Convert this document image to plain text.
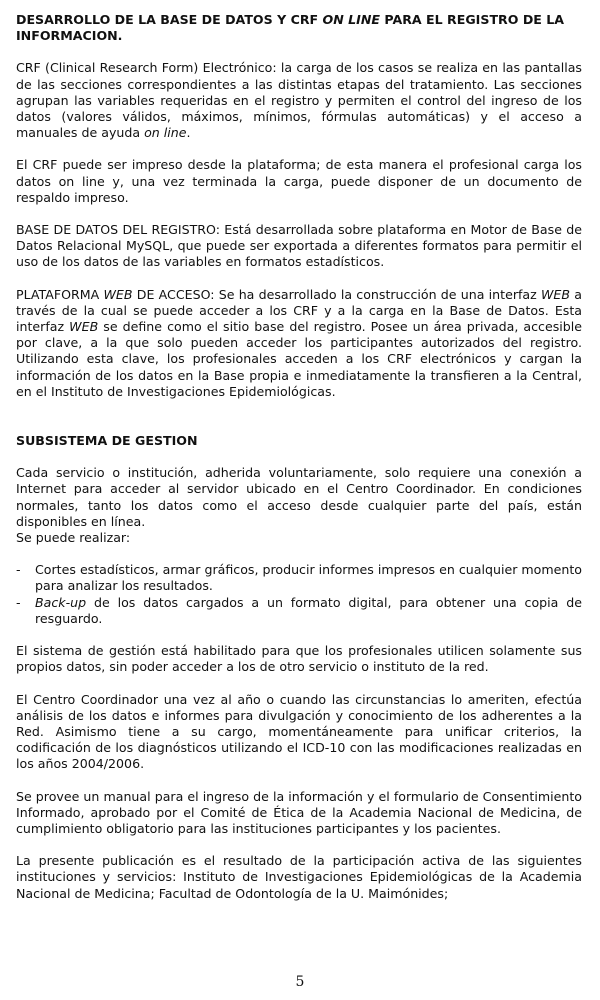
DESARROLLO DE LA BASE DE DATOS Y CRF ON LINE PARA EL REGISTRO DE LA INFORMACION.

CRF (Clinical Research Form) Electrónico: la carga de los casos se realiza en las pantallas de las secciones correspondientes a las distintas etapas del tratamiento. Las secciones agrupan las variables requeridas en el registro y permiten el control del ingreso de los datos (valores válidos, máximos, mínimos, fórmulas automáticas) y el acceso a manuales de ayuda on line.

El CRF puede ser impreso desde la plataforma; de esta manera el profesional carga los datos on line y, una vez terminada la carga, puede disponer de un documento de respaldo impreso.

BASE DE DATOS DEL REGISTRO: Está desarrollada sobre plataforma en Motor de Base de Datos Relacional MySQL, que puede ser exportada a diferentes formatos para permitir el uso de los datos de las variables en formatos estadísticos.

PLATAFORMA WEB DE ACCESO: Se ha desarrollado la construcción de una interfaz WEB a través de la cual se puede acceder a los CRF y a la carga en la Base de Datos. Esta interfaz WEB se define como el sitio base del registro. Posee un área privada, accesible por clave, a la que solo pueden acceder los participantes autorizados del registro. Utilizando esta clave, los profesionales acceden a los CRF electrónicos y cargan la información de los datos en la Base propia e inmediatamente la transfieren a la Central, en el Instituto de Investigaciones Epidemiológicas.

SUBSISTEMA DE GESTION

Cada servicio o institución, adherida voluntariamente, solo requiere una conexión a Internet para acceder al servidor ubicado en el Centro Coordinador. En condiciones normales, tanto los datos como el acceso desde cualquier parte del país, están disponibles en línea.

Se puede realizar:

- Cortes estadísticos, armar gráficos, producir informes impresos en cualquier momento para analizar los resultados.
- Back-up de los datos cargados a un formato digital, para obtener una copia de resguardo.

El sistema de gestión está habilitado para que los profesionales utilicen solamente sus propios datos, sin poder acceder a los de otro servicio o instituto de la red.

El Centro Coordinador una vez al año o cuando las circunstancias lo ameriten, efectúa análisis de los datos e informes para divulgación y conocimiento de los adherentes a la Red. Asimismo tiene a su cargo, momentáneamente para unificar criterios, la codificación de los diagnósticos utilizando el ICD-10 con las modificaciones realizadas en los años 2004/2006.

Se provee un manual para el ingreso de la información y el formulario de Consentimiento Informado, aprobado por el Comité de Ética de la Academia Nacional de Medicina, de cumplimiento obligatorio para las instituciones participantes y los pacientes.

La presente publicación es el resultado de la participación activa de las siguientes instituciones y servicios: Instituto de Investigaciones Epidemiológicas de la Academia Nacional de Medicina; Facultad de Odontología de la U. Maimónides;

5
